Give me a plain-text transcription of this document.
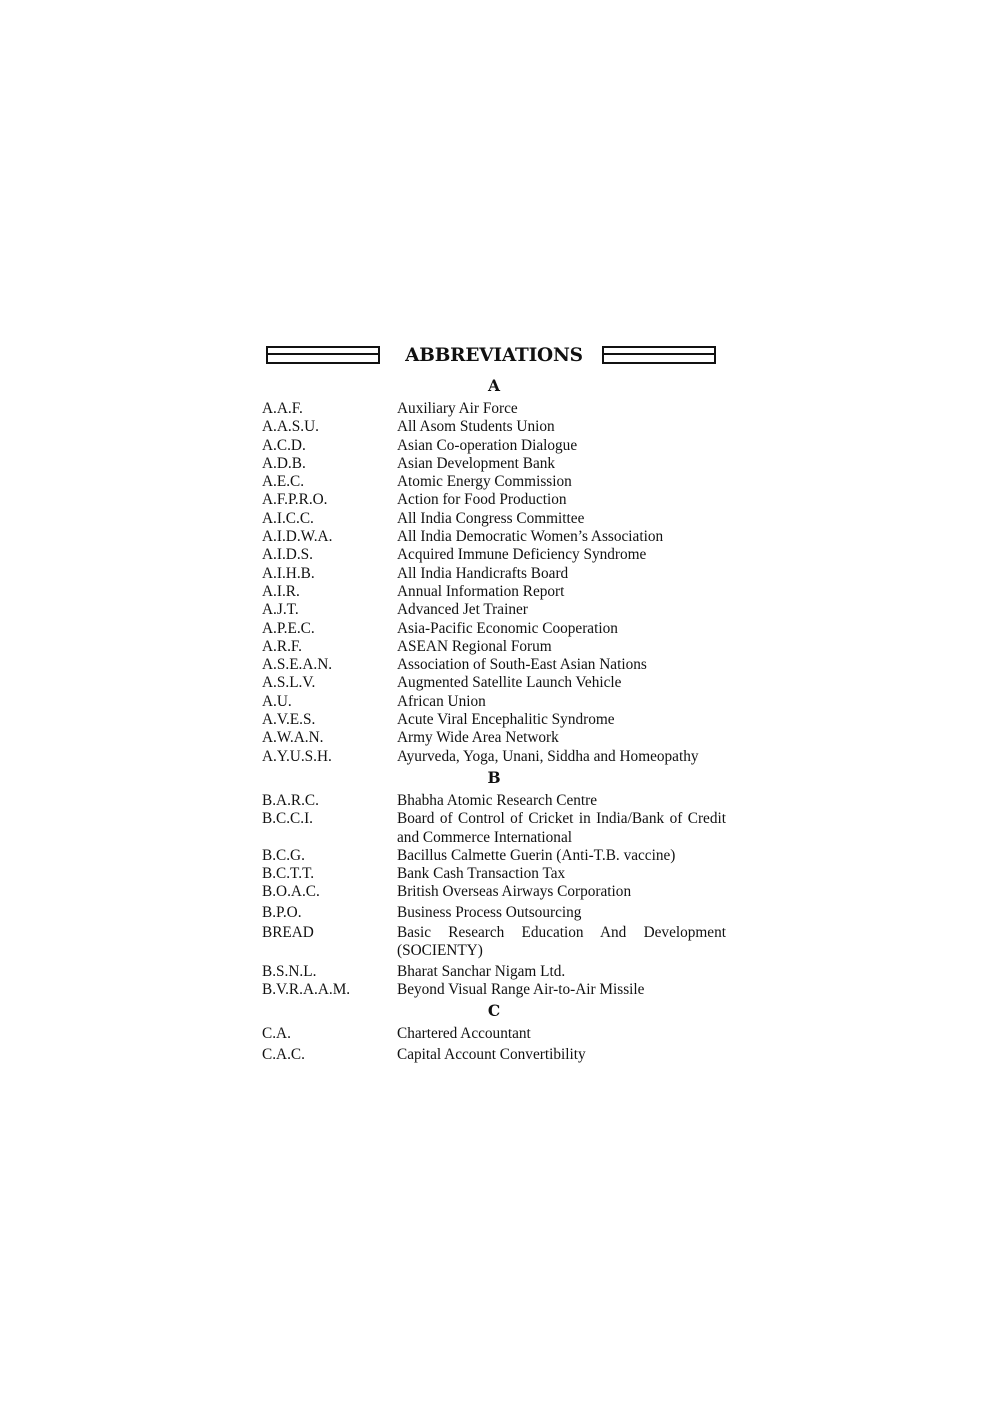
ABBREVIATIONS
A
A.A.F.	Auxiliary Air Force
A.A.S.U.	All Asom Students Union
A.C.D.	Asian Co-operation Dialogue
A.D.B.	Asian Development Bank
A.E.C.	Atomic Energy Commission
A.F.P.R.O.	Action for Food Production
A.I.C.C.	All India Congress Committee
A.I.D.W.A.	All India Democratic Women’s Association
A.I.D.S.	Acquired Immune Deficiency Syndrome
A.I.H.B.	All India Handicrafts Board
A.I.R.	Annual Information Report
A.J.T.	Advanced Jet Trainer
A.P.E.C.	Asia-Pacific Economic Cooperation
A.R.F.	ASEAN Regional Forum
A.S.E.A.N.	Association of South-East Asian Nations
A.S.L.V.	Augmented Satellite Launch Vehicle
A.U.	African Union
A.V.E.S.	Acute Viral Encephalitic Syndrome
A.W.A.N.	Army Wide Area Network
A.Y.U.S.H.	Ayurveda, Yoga, Unani, Siddha and Homeopathy
B
B.A.R.C.	Bhabha Atomic Research Centre
B.C.C.I.	Board of Control of Cricket in India/Bank of Credit and Commerce International
B.C.G.	Bacillus Calmette Guerin (Anti-T.B. vaccine)
B.C.T.T.	Bank Cash Transaction Tax
B.O.A.C.	British Overseas Airways Corporation
B.P.O.	Business Process Outsourcing
BREAD	Basic Research Education And Development (SOCIENTY)
B.S.N.L.	Bharat Sanchar Nigam Ltd.
B.V.R.A.A.M.	Beyond Visual Range Air-to-Air Missile
C
C.A.	Chartered Accountant
C.A.C.	Capital Account Convertibility
